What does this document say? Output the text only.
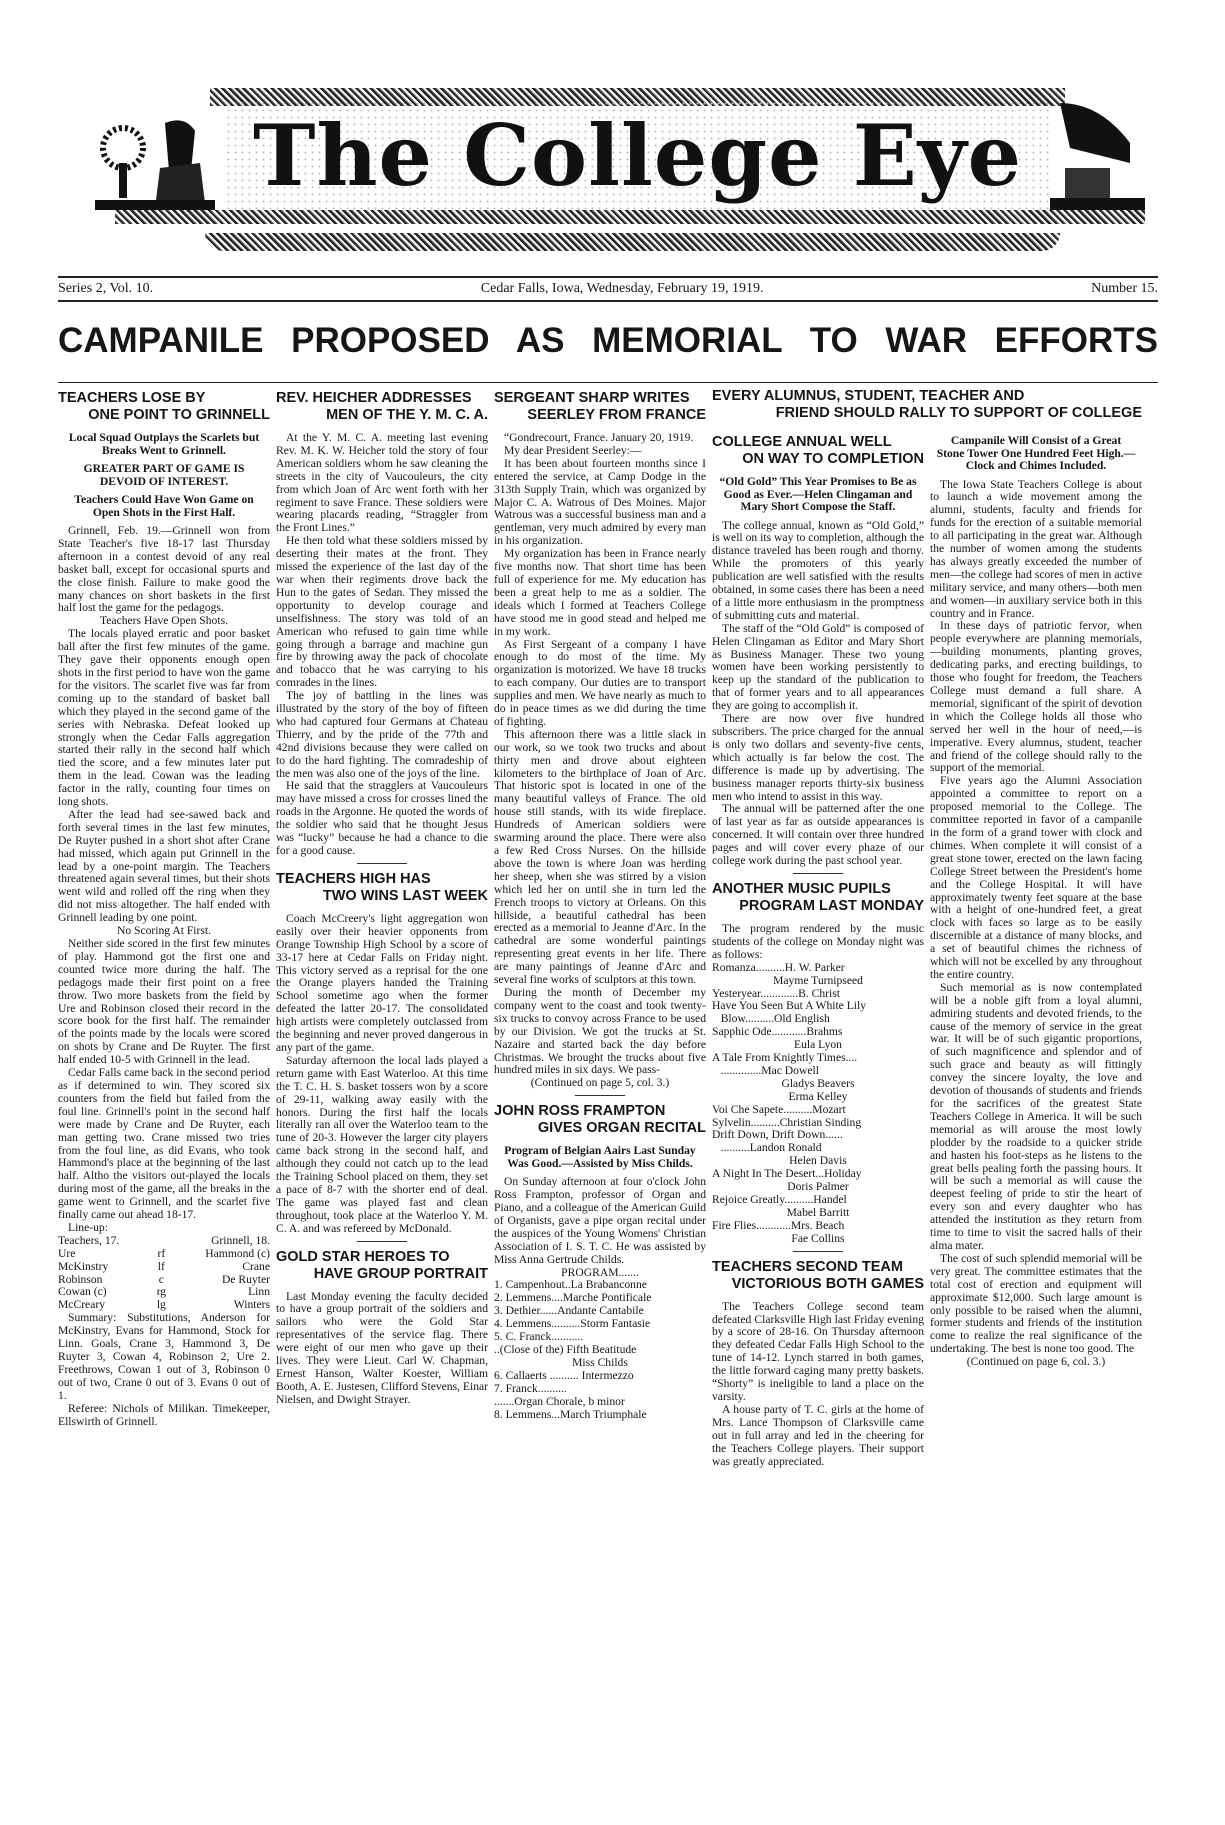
The College Eye
Series 2, Vol. 10.	Cedar Falls, Iowa, Wednesday, February 19, 1919.	Number 15.
CAMPANILE PROPOSED AS MEMORIAL TO WAR EFFORTS
TEACHERS LOSE BY
ONE POINT TO GRINNELL
Local Squad Outplays the Scarlets but Breaks Went to Grinnell.
GREATER PART OF GAME IS DEVOID OF INTEREST.
Teachers Could Have Won Game on Open Shots in the First Half.

Grinnell, Feb. 19.—Grinnell won from State Teacher's five 18-17 last Thursday afternoon in a contest devoid of any real basket ball, except for occasional spurts and the close finish. Failure to make good the many chances on short baskets in the first half lost the game for the pedagogs.

Teachers Have Open Shots.

The locals played erratic and poor basket ball after the first few minutes of the game. They gave their opponents enough open shots in the first period to have won the game for the visitors. The scarlet five was far from coming up to the standard of basket ball which they played in the second game of the series with Nebraska. Defeat looked up strongly when the Cedar Falls aggregation started their rally in the second half which tied the score, and a few minutes later put them in the lead. Cowan was the leading factor in the rally, counting four times on long shots.

After the lead had see-sawed back and forth several times in the last few minutes, De Ruyter pushed in a short shot after Crane had missed, which again put Grinnell in the lead by a one-point margin. The Teachers threatened again several times, but their shots went wild and rolled off the ring when they did not miss altogether. The half ended with Grinnell leading by one point.

No Scoring At First.

Neither side scored in the first few minutes of play. Hammond got the first one and counted twice more during the half. The pedagogs made their first point on a free throw. Two more baskets from the field by Ure and Robinson closed their record in the score book for the first half. The remainder of the points made by the locals were scored on shots by Crane and De Ruyter. The first half ended 10-5 with Grinnell in the lead.

Cedar Falls came back in the second period as if determined to win. They scored six counters from the field but failed from the foul line. Grinnell's point in the second half were made by Crane and De Ruyter, each man getting two. Crane missed two tries from the foul line, as did Evans, who took Hammond's place at the beginning of the last half. Altho the visitors out-played the locals during most of the game, all the breaks in the game went to Grinnell, and the scarlet five finally came out ahead 18-17.

Line-up:

Teachers, 17.		Grinnell, 18.
Ure	rf	Hammond (c)
McKinstry	lf	Crane
Robinson	c	De Ruyter
Cowan (c)	rg	Linn
McCreary	lg	Winters

Summary: Substitutions, Anderson for McKinstry, Evans for Hammond, Stock for Linn. Goals, Crane 3, Hammond 3, De Ruyter 3, Cowan 4, Robinson 2, Ure 2. Freethrows, Cowan 1 out of 3, Robinson 0 out of two, Crane 0 out of 3. Evans 0 out of 1.

Referee: Nichols of Milikan. Timekeeper, Ellswirth of Grinnell.

REV. HEICHER ADDRESSES
MEN OF THE Y. M. C. A.

At the Y. M. C. A. meeting last evening Rev. M. K. W. Heicher told the story of four American soldiers whom he saw cleaning the streets in the city of Vaucouleurs, the city from which Joan of Arc went forth with her regiment to save France. These soldiers were wearing placards reading, “Straggler from the Front Lines.”

He then told what these soldiers missed by deserting their mates at the front. They missed the experience of the last day of the war when their regiments drove back the Hun to the gates of Sedan. They missed the opportunity to develop courage and unselfishness. The story was told of an American who refused to gain time while going through a barrage and machine gun fire by throwing away the pack of chocolate and tobacco that he was carrying to his comrades in the lines.

The joy of battling in the lines was illustrated by the story of the boy of fifteen who had captured four Germans at Chateau Thierry, and by the pride of the 77th and 42nd divisions because they were called on to do the hard fighting. The comradeship of the men was also one of the joys of the line.

He said that the stragglers at Vaucouleurs may have missed a cross for crosses lined the roads in the Argonne. He quoted the words of the soldier who said that he thought Jesus was “lucky” because he had a chance to die for a good cause.

TEACHERS HIGH HAS
TWO WINS LAST WEEK

Coach McCreery's light aggregation won easily over their heavier opponents from Orange Township High School by a score of 33-17 here at Cedar Falls on Friday night. This victory served as a reprisal for the one the Orange players handed the Training School sometime ago when the former defeated the latter 20-17. The consolidated high artists were completely outclassed from the beginning and never proved dangerous in any part of the game.

Saturday afternoon the local lads played a return game with East Waterloo. At this time the T. C. H. S. basket tossers won by a score of 29-11, walking away easily with the honors. During the first half the locals literally ran all over the Waterloo team to the tune of 20-3. However the larger city players came back strong in the second half, and although they could not catch up to the lead the Training School placed on them, they set a pace of 8-7 with the shorter end of deal. The game was played fast and clean throughout, took place at the Waterloo Y. M. C. A. and was refereed by McDonald.

GOLD STAR HEROES TO
HAVE GROUP PORTRAIT

Last Monday evening the faculty decided to have a group portrait of the soldiers and sailors who were the Gold Star representatives of the service flag. There were eight of our men who gave up their lives. They were Lieut. Carl W. Chapman, Ernest Hanson, Walter Koester, William Booth, A. E. Justesen, Clifford Stevens, Einar Nielsen, and Dwight Strayer.

SERGEANT SHARP WRITES
SEERLEY FROM FRANCE

“Gondrecourt, France. January 20, 1919.

My dear President Seerley:—

It has been about fourteen months since I entered the service, at Camp Dodge in the 313th Supply Train, which was organized by Major C. A. Watrous of Des Moines. Major Watrous was a successful business man and a gentleman, very much admired by every man in his organization.

My organization has been in France nearly five months now. That short time has been full of experience for me. My education has been a great help to me as a soldier. The ideals which I formed at Teachers College have stood me in good stead and helped me in my work.

As First Sergeant of a company I have enough to do most of the time. My organization is motorized. We have 18 trucks to each company. Our duties are to transport supplies and men. We have nearly as much to do in peace times as we did during the time of fighting.

This afternoon there was a little slack in our work, so we took two trucks and about thirty men and drove about eighteen kilometers to the birthplace of Joan of Arc. That historic spot is located in one of the many beautiful valleys of France. The old house still stands, with its wide fireplace. Hundreds of American soldiers were swarming around the place. There were also a few Red Cross Nurses. On the hillside above the town is where Joan was herding her sheep, when she was stirred by a vision which led her on until she in turn led the French troops to victory at Orleans. On this hillside, a beautiful cathedral has been erected as a memorial to Jeanne d'Arc. In the cathedral are some wonderful paintings representing great events in her life. There are many paintings of Jeanne d'Arc and several fine works of sculptors at this town.

During the month of December my company went to the coast and took twenty-six trucks to convoy across France to be used by our Division. We got the trucks at St. Nazaire and started back the day before Christmas. We brought the trucks about five hundred miles in six days. We pass-

(Continued on page 5, col. 3.)
JOHN ROSS FRAMPTON
GIVES ORGAN RECITAL
Program of Belgian Aairs Last Sunday Was Good.—Assisted by Miss Childs.

On Sunday afternoon at four o'clock John Ross Frampton, professor of Organ and Piano, and a colleague of the American Guild of Organists, gave a pipe organ recital under the auspices of the Young Womens' Christian Association of I. S. T. C. He was assisted by Miss Anna Gertrude Childs.

PROGRAM.......
1. Campenhout..La Brabanconne
2. Lemmens....Marche Pontificale
3. Dethier......Andante Cantabile
4. Lemmens..........Storm Fantasie
5. C. Franck...........
..(Close of the) Fifth Beatitude
Miss Childs
6. Callaerts .......... Intermezzo
7. Franck..........
.......Organ Chorale, b minor
8. Lemmens...March Triumphale
EVERY ALUMNUS, STUDENT, TEACHER AND
FRIEND SHOULD RALLY TO SUPPORT OF COLLEGE
COLLEGE ANNUAL WELL
ON WAY TO COMPLETION
“Old Gold” This Year Promises to Be as Good as Ever.—Helen Clingaman and Mary Short Compose the Staff.

The college annual, known as “Old Gold,” is well on its way to completion, although the distance traveled has been rough and thorny. While the promoters of this yearly publication are well satisfied with the results obtained, in some cases there has been a need of a little more enthusiasm in the promptness of submitting cuts and material.

The staff of the “Old Gold” is composed of Helen Clingaman as Editor and Mary Short as Business Manager. These two young women have been working persistently to keep up the standard of the publication to that of former years and to all appearances they are going to accomplish it.

There are now over five hundred subscribers. The price charged for the annual is only two dollars and seventy-five cents, which actually is far below the cost. The difference is made up by advertising. The business manager reports thirty-six business men who intend to assist in this way.

The annual will be patterned after the one of last year as far as outside appearances is concerned. It will contain over three hundred pages and will cover every phaze of our college work during the past school year.

ANOTHER MUSIC PUPILS
PROGRAM LAST MONDAY

The program rendered by the music students of the college on Monday night was as follows:

Romanza..........H. W. Parker
Mayme Turnipseed
Yesteryear.............B. Christ
Have You Seen But A White Lily
Blow..........Old English
Sapphic Ode............Brahms
Eula Lyon
A Tale From Knightly Times....
..............Mac Dowell
Gladys Beavers
Erma Kelley
Voi Che Sapete..........Mozart
Sylvelin..........Christian Sinding
Drift Down, Drift Down......
..........Landon Ronald
Helen Davis
A Night In The Desert...Holiday
Doris Palmer
Rejoice Greatly..........Handel
Mabel Barritt
Fire Flies............Mrs. Beach
Fae Collins
TEACHERS SECOND TEAM
VICTORIOUS BOTH GAMES

The Teachers College second team defeated Clarksville High last Friday evening by a score of 28-16. On Thursday afternoon they defeated Cedar Falls High School to the tune of 14-12. Lynch starred in both games, the little forward caging many pretty baskets. “Shorty” is ineligible to land a place on the varsity.

A house party of T. C. girls at the home of Mrs. Lance Thompson of Clarksville came out in full array and led in the cheering for the Teachers College players. Their support was greatly appreciated.

Campanile Will Consist of a Great Stone Tower One Hundred Feet High.—Clock and Chimes Included.

The Iowa State Teachers College is about to launch a wide movement among the alumni, students, faculty and friends for funds for the erection of a suitable memorial to all participating in the great war. Although the number of women among the students has always greatly exceeded the number of men—the college had scores of men in active military service, and many others—both men and women—in auxiliary service both in this country and in France.

In these days of patriotic fervor, when people everywhere are planning memorials,—building monuments, planting groves, dedicating parks, and erecting buildings, to those who fought for freedom, the Teachers College must demand a full share. A memorial, significant of the spirit of devotion in which the College holds all those who served her well in the hour of need,—is imperative. Every alumnus, student, teacher and friend of the college should rally to the support of the memorial.

Five years ago the Alumni Association appointed a committee to report on a proposed memorial to the College. The committee reported in favor of a campanile in the form of a grand tower with clock and chimes. When complete it will consist of a great stone tower, erected on the lawn facing College Street between the President's home and the College Hospital. It will have approximately twenty feet square at the base with a height of one-hundred feet, a great clock with faces so large as to be easily discernible at a distance of many blocks, and a set of beautiful chimes the richness of which will not be excelled by any throughout the entire country.

Such memorial as is now contemplated will be a noble gift from a loyal alumni, admiring students and devoted friends, to the cause of the memory of service in the great war. It will be of such gigantic proportions, of such magnificence and splendor and of such grace and beauty as will fittingly convey the sincere loyalty, the love and devotion of thousands of students and friends for the sacrifices of the greatest State Teachers College in America. It will be such memorial as will arouse the most lowly plodder by the roadside to a quicker stride and hasten his foot-steps as he listens to the great bells pealing forth the passing hours. It will be such a memorial as will cause the deepest feeling of pride to stir the heart of every son and every daughter who has attended the institution as they return from time to time to visit the sacred halls of their alma mater.

The cost of such splendid memorial will be very great. The committee estimates that the total cost of erection and equipment will approximate $12,000. Such large amount is only possible to be raised when the alumni, former students and friends of the institution come to realize the real significance of the undertaking. The best is none too good. The

(Continued on page 6, col. 3.)
